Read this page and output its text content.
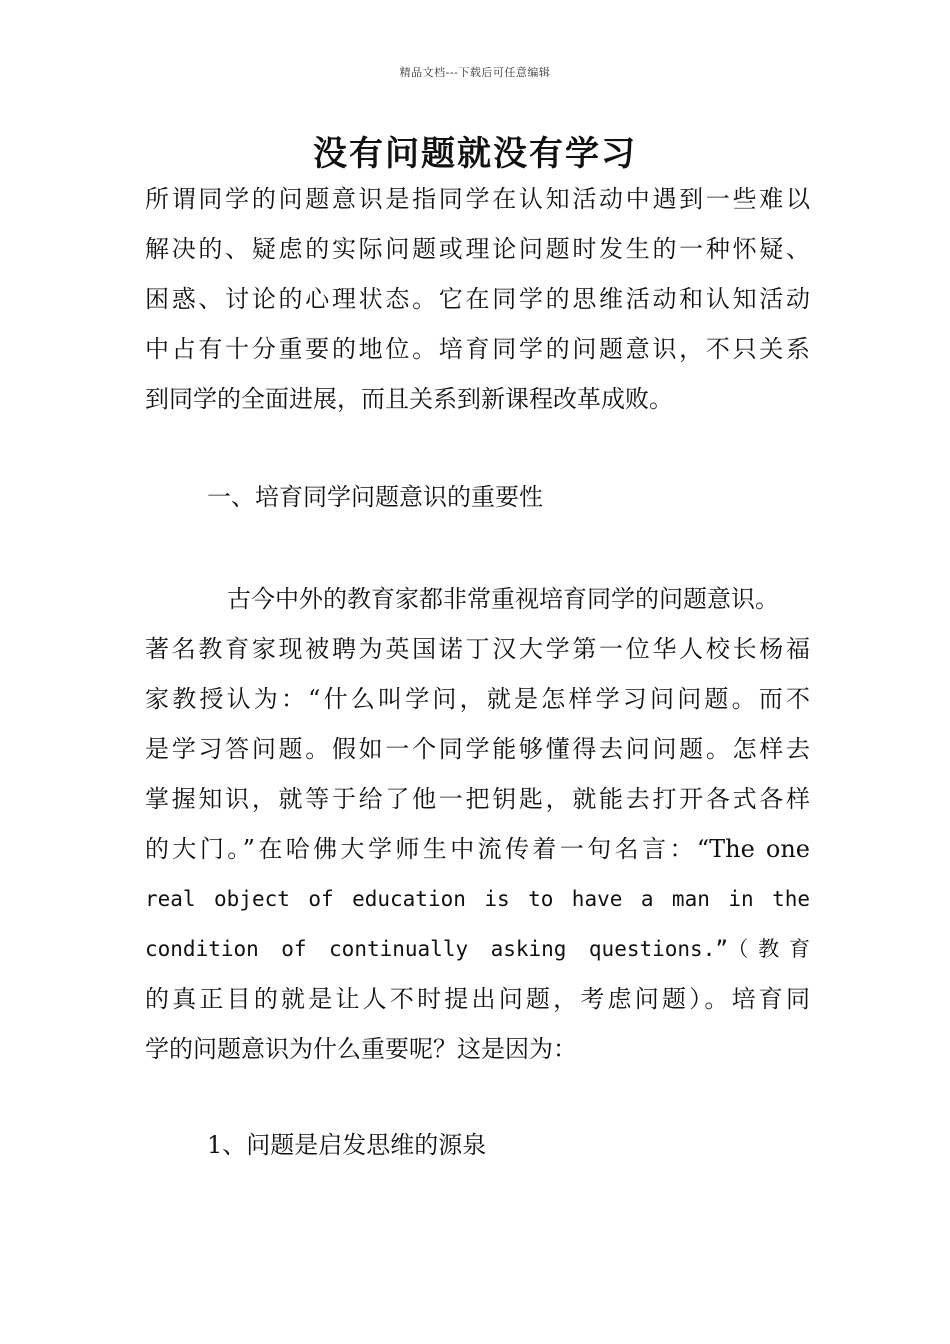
精品文档---下载后可任意编辑
没有问题就没有学习
所谓同学的问题意识是指同学在认知活动中遇到一些难以
解决的、疑虑的实际问题或理论问题时发生的一种怀疑、
困惑、讨论的心理状态。它在同学的思维活动和认知活动
中占有十分重要的地位。培育同学的问题意识，不只关系
到同学的全面进展，而且关系到新课程改革成败。
一、培育同学问题意识的重要性
古今中外的教育家都非常重视培育同学的问题意识。
著名教育家现被聘为英国诺丁汉大学第一位华人校长杨福
家教授认为：“什么叫学问，就是怎样学习问问题。而不
是学习答问题。假如一个同学能够懂得去问问题。怎样去
掌握知识，就等于给了他一把钥匙，就能去打开各式各样
的大门。”在哈佛大学师生中流传着一句名言：“The one
real object of education is to have a man in the
condition of continually asking questions.”（教育
的真正目的就是让人不时提出问题，考虑问题）。培育同
学的问题意识为什么重要呢？这是因为：
1、问题是启发思维的源泉
